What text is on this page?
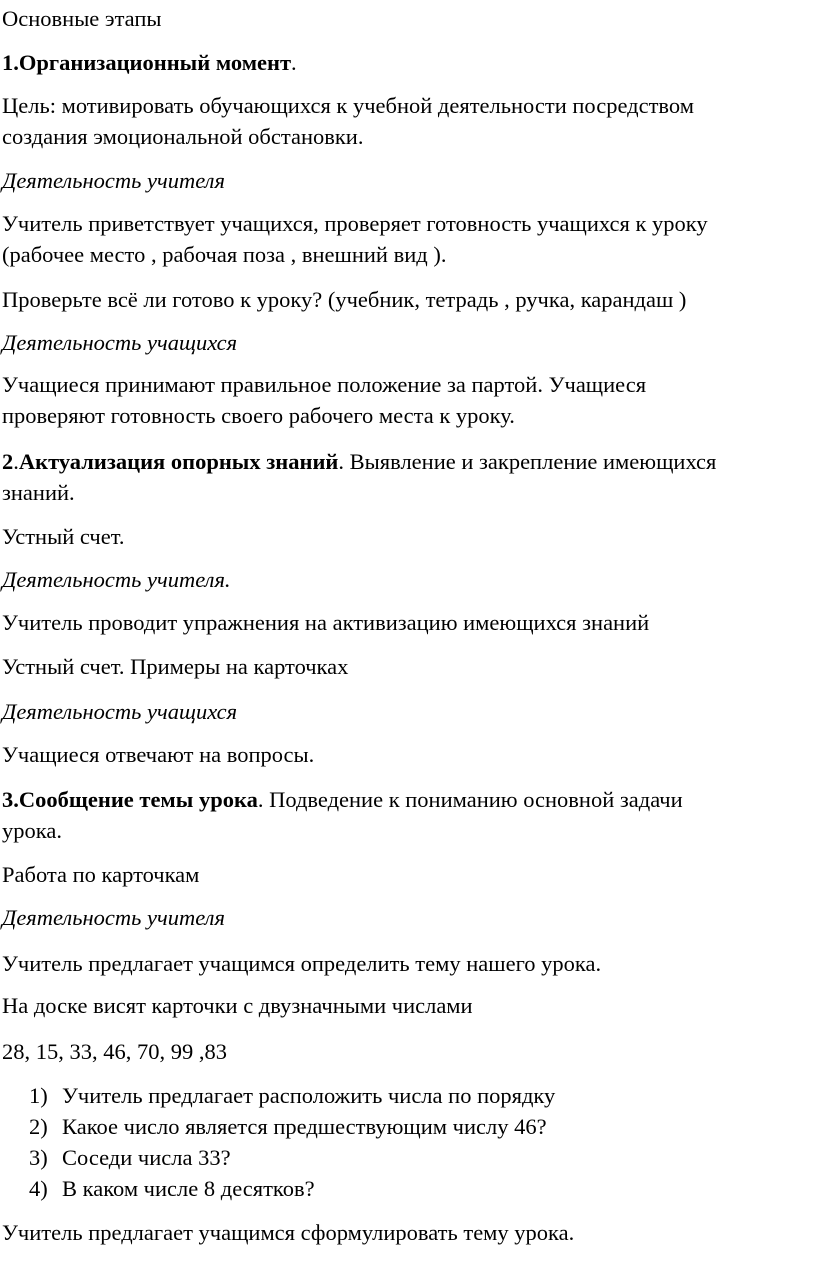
Основные этапы

1.Организационный момент.

Цель: мотивировать обучающихся к учебной деятельности посредством
создания эмоциональной обстановки.

Деятельность учителя

Учитель приветствует учащихся, проверяет готовность учащихся к уроку
(рабочее место , рабочая поза , внешний вид ).

Проверьте всё ли готово к уроку? (учебник, тетрадь , ручка, карандаш )

Деятельность учащихся

Учащиеся принимают правильное положение за партой. Учащиеся
проверяют готовность своего рабочего места к уроку.

2.Актуализация опорных знаний. Выявление и закрепление имеющихся
знаний.

Устный счет.

Деятельность учителя.

Учитель проводит упражнения на активизацию имеющихся знаний

Устный счет. Примеры на карточках

Деятельность учащихся

Учащиеся отвечают на вопросы.

3.Сообщение темы урока. Подведение к пониманию основной задачи
урока.

Работа по карточкам

Деятельность учителя

Учитель предлагает учащимся определить тему нашего урока.

На доске висят карточки с двузначными числами

28, 15, 33, 46, 70, 99 ,83

1) Учитель предлагает расположить числа по порядку
2) Какое число является предшествующим числу 46?
3) Соседи числа 33?
4) В каком числе 8 десятков?

Учитель предлагает учащимся сформулировать тему урока.
